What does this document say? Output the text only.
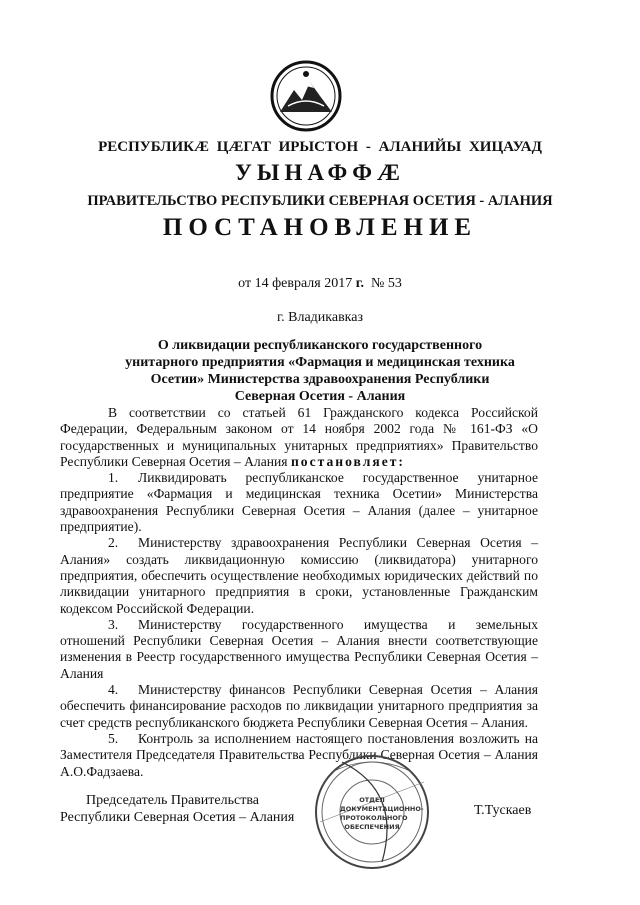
РЕСПУБЛИКӔ ЦӔГАТ ИРЫСТОН - АЛАНИЙЫ ХИЦАУАД
УЫНАФФӔ
ПРАВИТЕЛЬСТВО РЕСПУБЛИКИ СЕВЕРНАЯ ОСЕТИЯ - АЛАНИЯ
ПОСТАНОВЛЕНИЕ
от 14 февраля 2017 г. № 53
г. Владикавказ
О ликвидации республиканского государственного унитарного предприятия «Фармация и медицинская техника Осетии» Министерства здравоохранения Республики Северная Осетия - Алания

В соответствии со статьей 61 Гражданского кодекса Российской Федерации, Федеральным законом от 14 ноября 2002 года № 161-ФЗ «О государственных и муниципальных унитарных предприятиях» Правительство Республики Северная Осетия – Алания постановляет:

1. Ликвидировать республиканское государственное унитарное предприятие «Фармация и медицинская техника Осетии» Министерства здравоохранения Республики Северная Осетия – Алания (далее – унитарное предприятие).

2. Министерству здравоохранения Республики Северная Осетия – Алания» создать ликвидационную комиссию (ликвидатора) унитарного предприятия, обеспечить осуществление необходимых юридических действий по ликвидации унитарного предприятия в сроки, установленные Гражданским кодексом Российской Федерации.

3. Министерству государственного имущества и земельных отношений Республики Северная Осетия – Алания внести соответствующие изменения в Реестр государственного имущества Республики Северная Осетия – Алания

4. Министерству финансов Республики Северная Осетия – Алания обеспечить финансирование расходов по ликвидации унитарного предприятия за счет средств республиканского бюджета Республики Северная Осетия – Алания.

5. Контроль за исполнением настоящего постановления возложить на Заместителя Председателя Правительства Республики Северная Осетия – Алания А.О.Фадзаева.

ОТДЕЛ
ДОКУМЕНТАЦИОННО-
ПРОТОКОЛЬНОГО
ОБЕСПЕЧЕНИЯ
Председатель Правительства
Республики Северная Осетия – Алания	Т.Тускаев
